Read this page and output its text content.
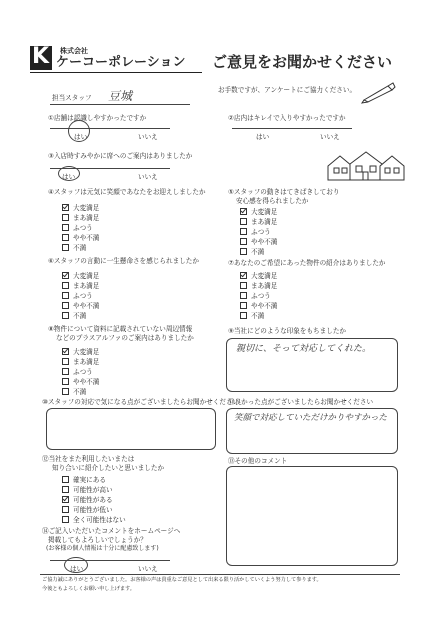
K 株式会社
ケーコーポレーション ご意見をお聞かせください
お手数ですが、アンケートにご協力ください。
担当スタッフ 豆城
①店舗は認識しやすかったですか
はい	いいえ
②店内はキレイで入りやすかったですか
はい	いいえ
③入店時すみやかに席へのご案内はありましたか
はい	いいえ
④スタッフは元気に笑顔であなたをお迎えしましたか
大変満足
まあ満足
ふつう
やや不満
不満
⑤スタッフの動きはてきぱきしており
安心感を得られましたか
大変満足
まあ満足
ふつう
やや不満
不満
⑥スタッフの言動に一生懸命さを感じられましたか
大変満足
まあ満足
ふつう
やや不満
不満
⑦あなたのご希望にあった物件の紹介はありましたか
大変満足
まあ満足
ふつう
やや不満
不満
⑧物件について資料に記載されていない周辺情報
などのプラスアルファのご案内はありましたか
大変満足
まあ満足
ふつう
やや不満
不満
⑨当社にどのような印象をもちましたか
親切に、そって対応してくれた。
⑩スタッフの対応で気になる点がございましたらお聞かせください
⑪良かった点がございましたらお聞かせください
笑顔で対応していただけかりやすかった
⑫当社をまた利用したいまたは
知り合いに紹介したいと思いましたか
確実にある
可能性が高い
可能性がある
可能性が低い
全く可能性はない
⑬その他のコメント
⑭ご記入いただいたコメントをホームページへ
掲載してもよろしいでしょうか？
(お客様の個人情報は十分に配慮致します)
はい	いいえ
ご協力誠にありがとうございました。お客様の声は貴重なご意見として出来る限り活かしていくよう努力して参ります。
今後ともよろしくお願い申し上げます。
